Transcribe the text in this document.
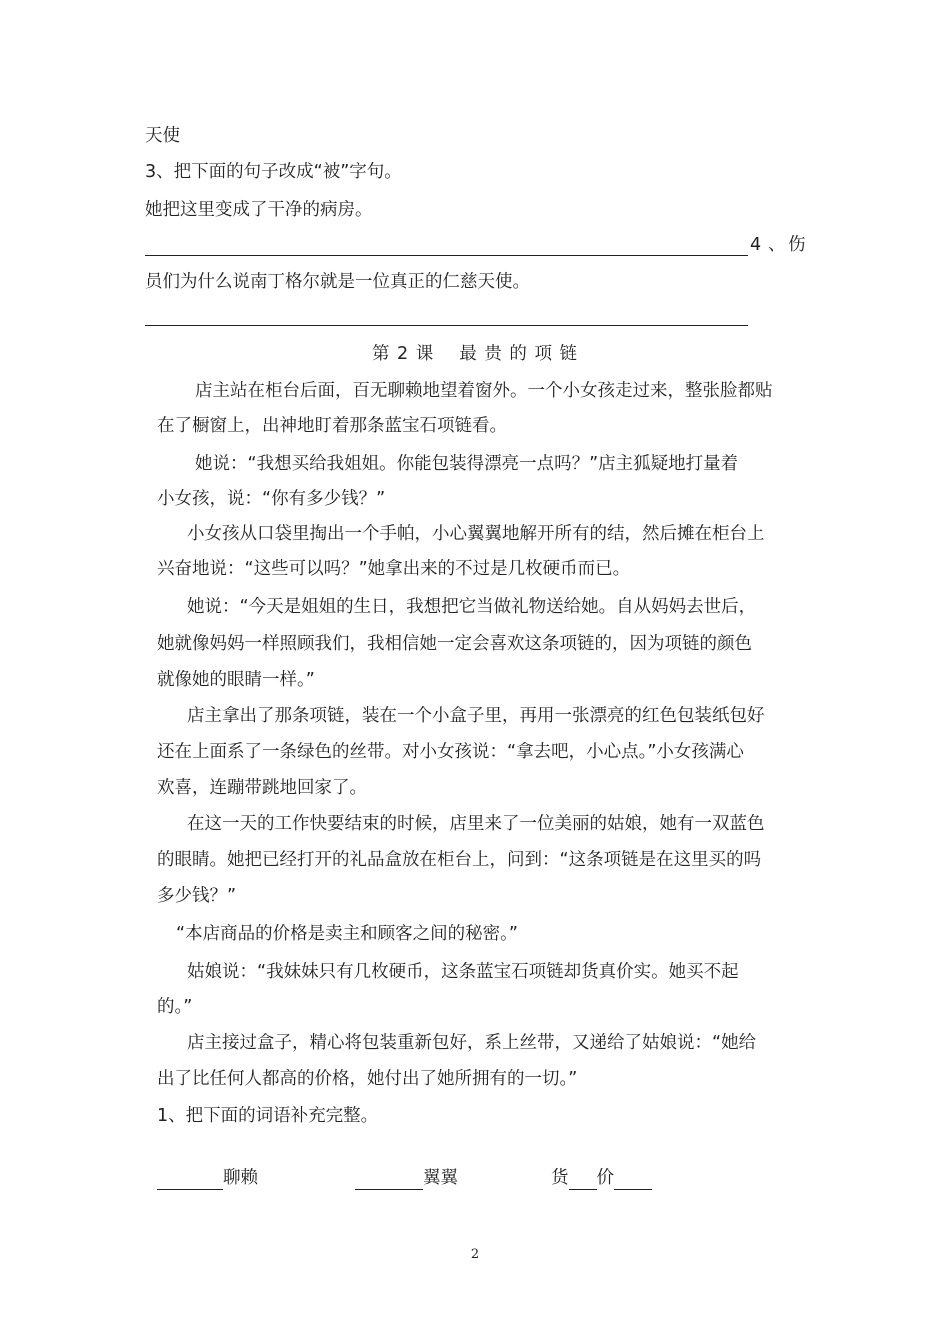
天使
3、把下面的句子改成“被”字句。
她把这里变成了干净的病房。
4 、 伤
员们为什么说南丁格尔就是一位真正的仁慈天使。
第 2 课　 最 贵 的 项 链
店主站在柜台后面，百无聊赖地望着窗外。一个小女孩走过来，整张脸都贴
在了橱窗上，出神地盯着那条蓝宝石项链看。
她说：“我想买给我姐姐。你能包装得漂亮一点吗？”店主狐疑地打量着
小女孩，说：“你有多少钱？”
小女孩从口袋里掏出一个手帕，小心翼翼地解开所有的结，然后摊在柜台上
兴奋地说：“这些可以吗？”她拿出来的不过是几枚硬币而已。
她说：“今天是姐姐的生日，我想把它当做礼物送给她。自从妈妈去世后，
她就像妈妈一样照顾我们，我相信她一定会喜欢这条项链的，因为项链的颜色
就像她的眼睛一样。”
店主拿出了那条项链，装在一个小盒子里，再用一张漂亮的红色包装纸包好
还在上面系了一条绿色的丝带。对小女孩说：“拿去吧，小心点。”小女孩满心
欢喜，连蹦带跳地回家了。
在这一天的工作快要结束的时候，店里来了一位美丽的姑娘，她有一双蓝色
的眼睛。她把已经打开的礼品盒放在柜台上，问到：“这条项链是在这里买的吗
多少钱？”
“本店商品的价格是卖主和顾客之间的秘密。”
姑娘说：“我妹妹只有几枚硬币，这条蓝宝石项链却货真价实。她买不起
的。”
店主接过盒子，精心将包装重新包好，系上丝带，又递给了姑娘说：“她给
出了比任何人都高的价格，她付出了她所拥有的一切。”
1、把下面的词语补充完整。
聊赖	翼翼	货 价
2
